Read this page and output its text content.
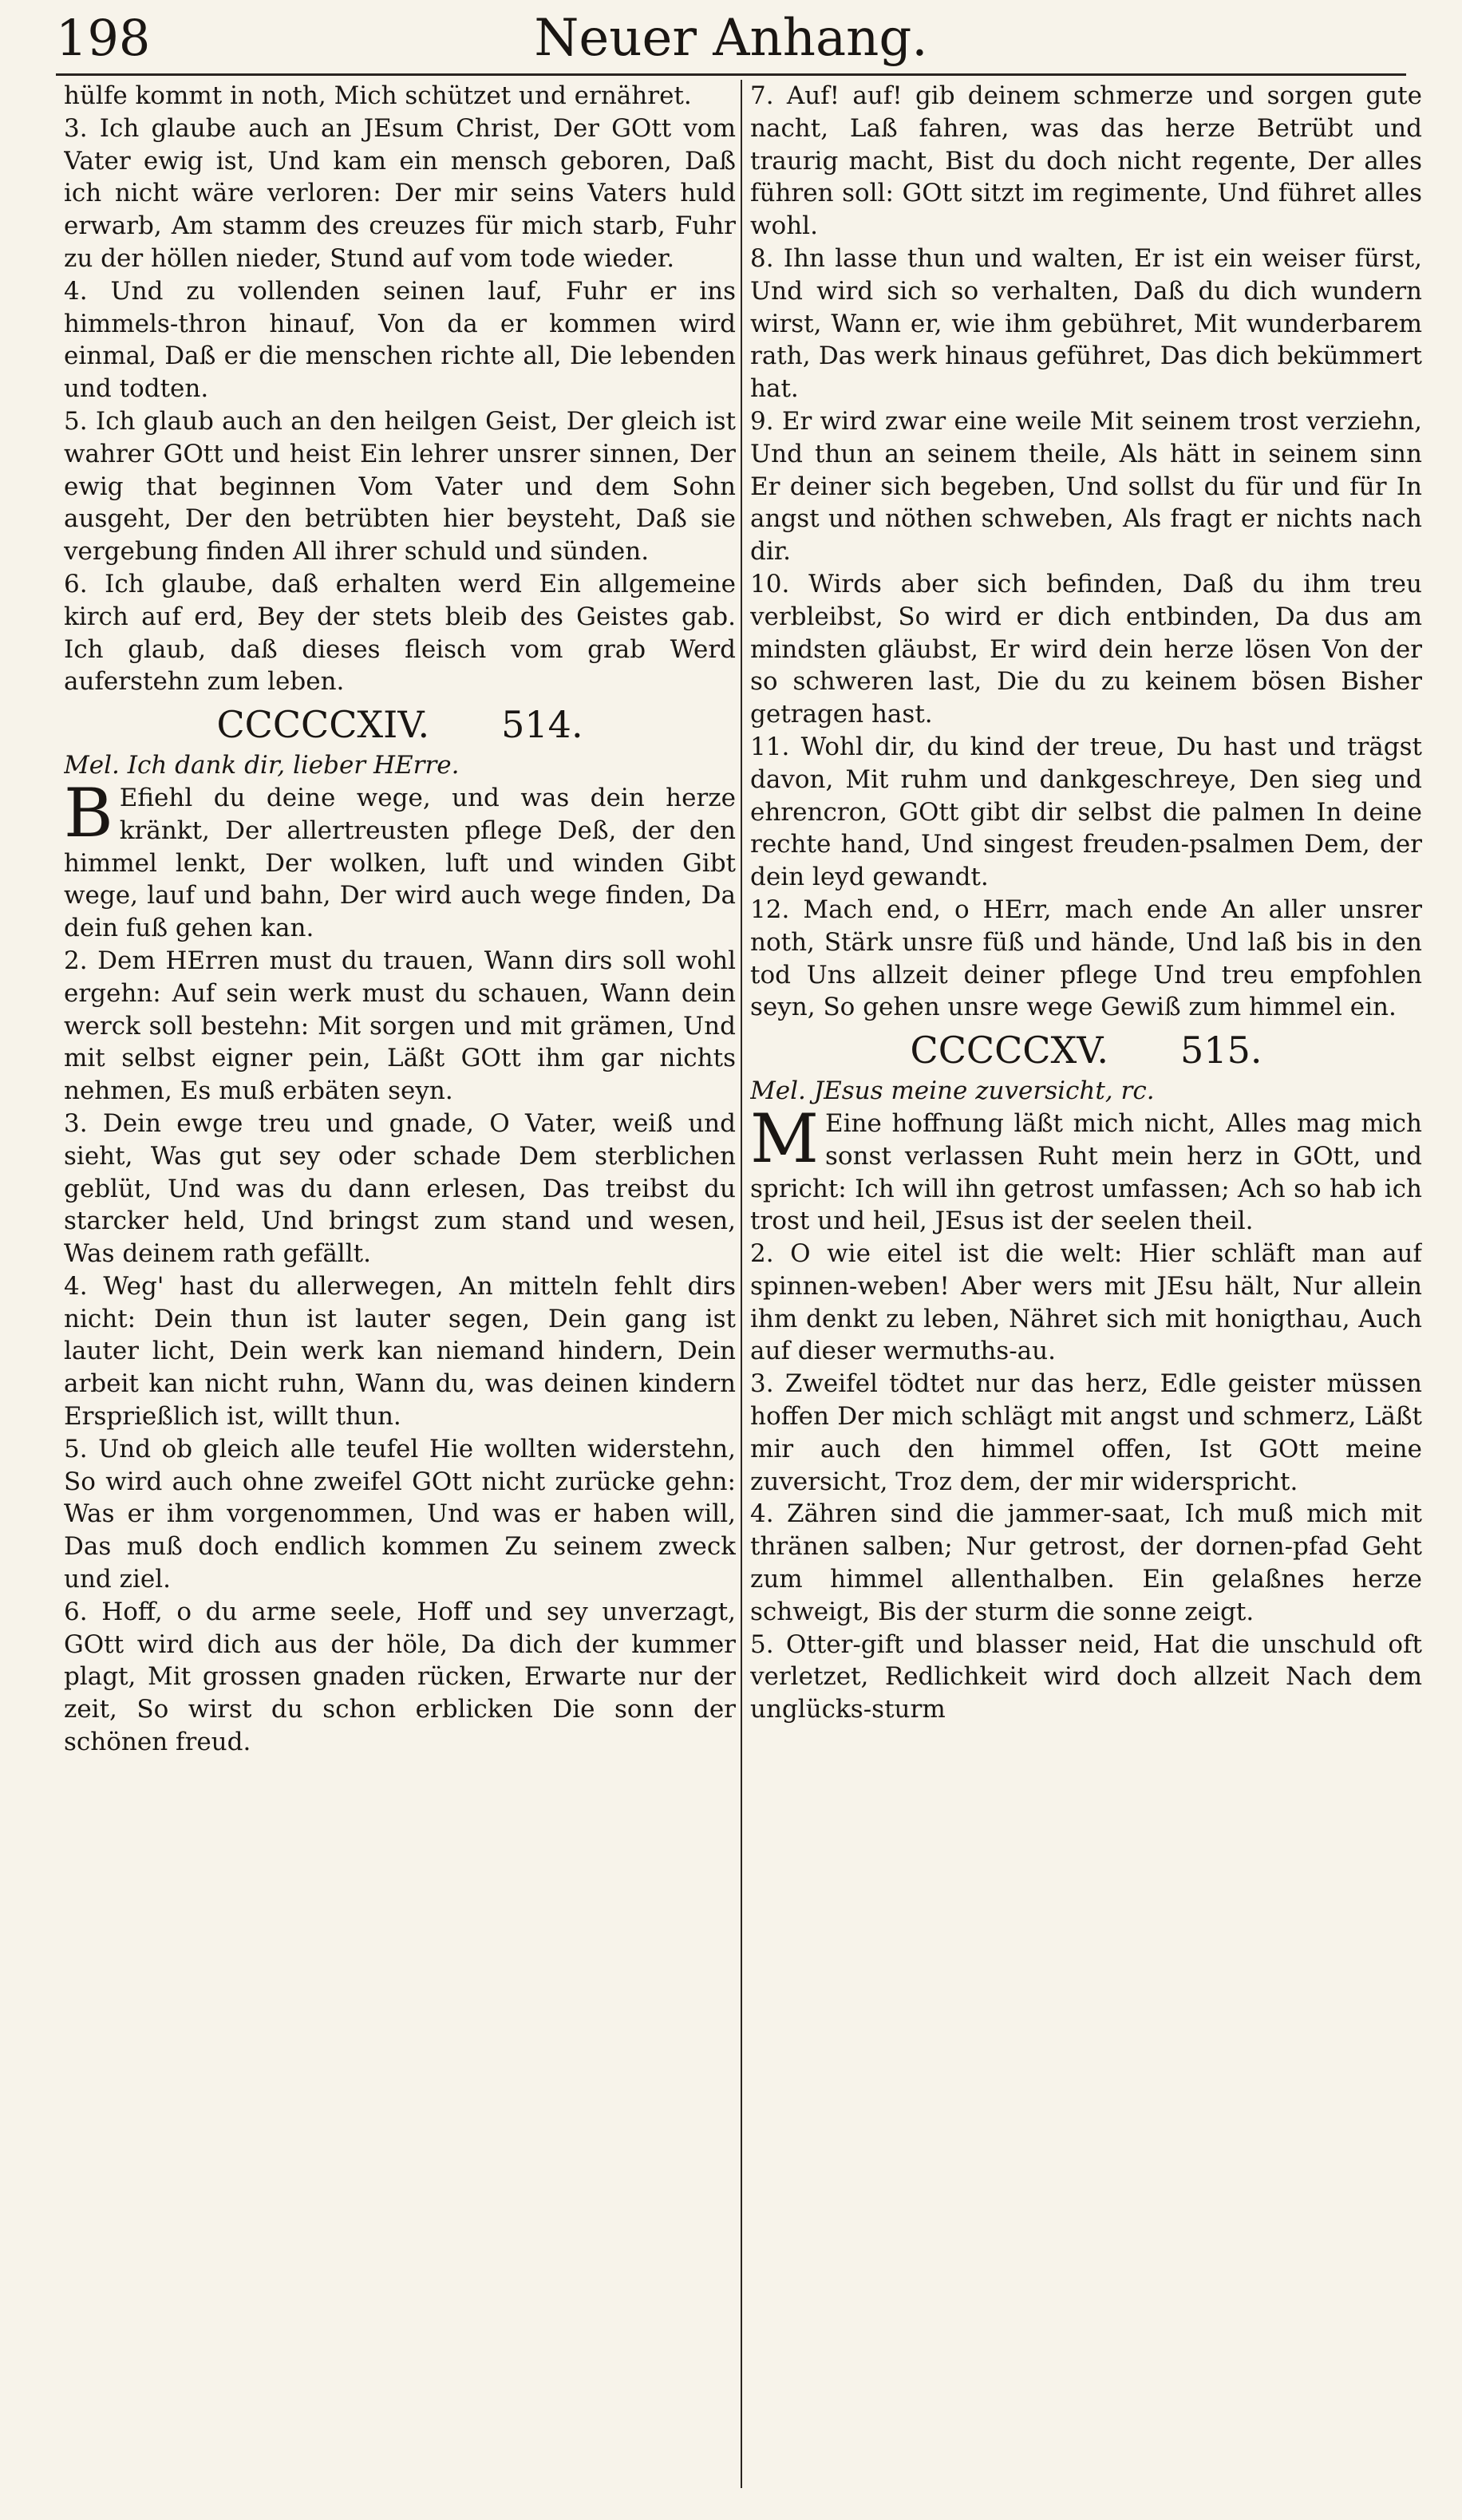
198	Neuer Anhang.

hülfe kommt in noth, Mich schützet und ernähret.

3. Ich glaube auch an JEsum Christ, Der GOtt vom Vater ewig ist, Und kam ein mensch geboren, Daß ich nicht wäre verloren: Der mir seins Vaters huld erwarb, Am stamm des creuzes für mich starb, Fuhr zu der höllen nieder, Stund auf vom tode wieder.

4. Und zu vollenden seinen lauf, Fuhr er ins himmels-thron hinauf, Von da er kommen wird einmal, Daß er die menschen richte all, Die lebenden und todten.

5. Ich glaub auch an den heilgen Geist, Der gleich ist wahrer GOtt und heist Ein lehrer unsrer sinnen, Der ewig that beginnen Vom Vater und dem Sohn ausgeht, Der den betrübten hier beysteht, Daß sie vergebung finden All ihrer schuld und sünden.

6. Ich glaube, daß erhalten werd Ein allgemeine kirch auf erd, Bey der stets bleib des Geistes gab. Ich glaub, daß dieses fleisch vom grab Werd auferstehn zum leben.

CCCCCXIV. 514.

Mel. Ich dank dir, lieber HErre.

B Efiehl du deine wege, und was dein herze kränkt, Der allertreusten pflege Deß, der den himmel lenkt, Der wolken, luft und winden Gibt wege, lauf und bahn, Der wird auch wege finden, Da dein fuß gehen kan.

2. Dem HErren must du trauen, Wann dirs soll wohl ergehn: Auf sein werk must du schauen, Wann dein werck soll bestehn: Mit sorgen und mit grämen, Und mit selbst eigner pein, Läßt GOtt ihm gar nichts nehmen, Es muß erbäten seyn.

3. Dein ewge treu und gnade, O Vater, weiß und sieht, Was gut sey oder schade Dem sterblichen geblüt, Und was du dann erlesen, Das treibst du starcker held, Und bringst zum stand und wesen, Was deinem rath gefällt.

4. Weg' hast du allerwegen, An mitteln fehlt dirs nicht: Dein thun ist lauter segen, Dein gang ist lauter licht, Dein werk kan niemand hindern, Dein arbeit kan nicht ruhn, Wann du, was deinen kindern Ersprießlich ist, willt thun.

5. Und ob gleich alle teufel Hie wollten widerstehn, So wird auch ohne zweifel GOtt nicht zurücke gehn: Was er ihm vorgenommen, Und was er haben will, Das muß doch endlich kommen Zu seinem zweck und ziel.

6. Hoff, o du arme seele, Hoff und sey unverzagt, GOtt wird dich aus der höle, Da dich der kummer plagt, Mit grossen gnaden rücken, Erwarte nur der zeit, So wirst du schon erblicken Die sonn der schönen freud.

7. Auf! auf! gib deinem schmerze und sorgen gute nacht, Laß fahren, was das herze Betrübt und traurig macht, Bist du doch nicht regente, Der alles führen soll: GOtt sitzt im regimente, Und führet alles wohl.

8. Ihn lasse thun und walten, Er ist ein weiser fürst, Und wird sich so verhalten, Daß du dich wundern wirst, Wann er, wie ihm gebühret, Mit wunderbarem rath, Das werk hinaus geführet, Das dich bekümmert hat.

9. Er wird zwar eine weile Mit seinem trost verziehn, Und thun an seinem theile, Als hätt in seinem sinn Er deiner sich begeben, Und sollst du für und für In angst und nöthen schweben, Als fragt er nichts nach dir.

10. Wirds aber sich befinden, Daß du ihm treu verbleibst, So wird er dich entbinden, Da dus am mindsten gläubst, Er wird dein herze lösen Von der so schweren last, Die du zu keinem bösen Bisher getragen hast.

11. Wohl dir, du kind der treue, Du hast und trägst davon, Mit ruhm und dankgeschreye, Den sieg und ehrencron, GOtt gibt dir selbst die palmen In deine rechte hand, Und singest freuden-psalmen Dem, der dein leyd gewandt.

12. Mach end, o HErr, mach ende An aller unsrer noth, Stärk unsre füß und hände, Und laß bis in den tod Uns allzeit deiner pflege Und treu empfohlen seyn, So gehen unsre wege Gewiß zum himmel ein.

CCCCCXV. 515.

Mel. JEsus meine zuversicht, rc.

M Eine hoffnung läßt mich nicht, Alles mag mich sonst verlassen Ruht mein herz in GOtt, und spricht: Ich will ihn getrost umfassen; Ach so hab ich trost und heil, JEsus ist der seelen theil.

2. O wie eitel ist die welt: Hier schläft man auf spinnen-weben! Aber wers mit JEsu hält, Nur allein ihm denkt zu leben, Nähret sich mit honigthau, Auch auf dieser wermuths-au.

3. Zweifel tödtet nur das herz, Edle geister müssen hoffen Der mich schlägt mit angst und schmerz, Läßt mir auch den himmel offen, Ist GOtt meine zuversicht, Troz dem, der mir widerspricht.

4. Zähren sind die jammer-saat, Ich muß mich mit thränen salben; Nur getrost, der dornen-pfad Geht zum himmel allenthalben. Ein gelaßnes herze schweigt, Bis der sturm die sonne zeigt.

5. Otter-gift und blasser neid, Hat die unschuld oft verletzet, Redlichkeit wird doch allzeit Nach dem unglücks-sturm
